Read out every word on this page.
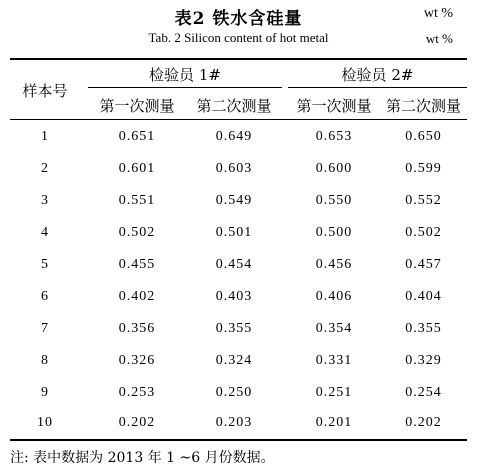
表2 铁水含硅量	wt %
Tab. 2 Silicon content of hot metal	wt %
样本号
检验员 1#	检验员 2#
第一次测量	第二次测量	第一次测量 第二次测量
1	0.651	0.649	0.653	0.650
2	0.601	0.603	0.600	0.599
3	0.551	0.549	0.550	0.552
4	0.502	0.501	0.500	0.502
5	0.455	0.454	0.456	0.457
6	0.402	0.403	0.406	0.404
7	0.356	0.355	0.354	0.355
8	0.326	0.324	0.331	0.329
9	0.253	0.250	0.251	0.254
10	0.202	0.203	0.201	0.202
注: 表中数据为 2013 年 1 ~6 月份数据。
